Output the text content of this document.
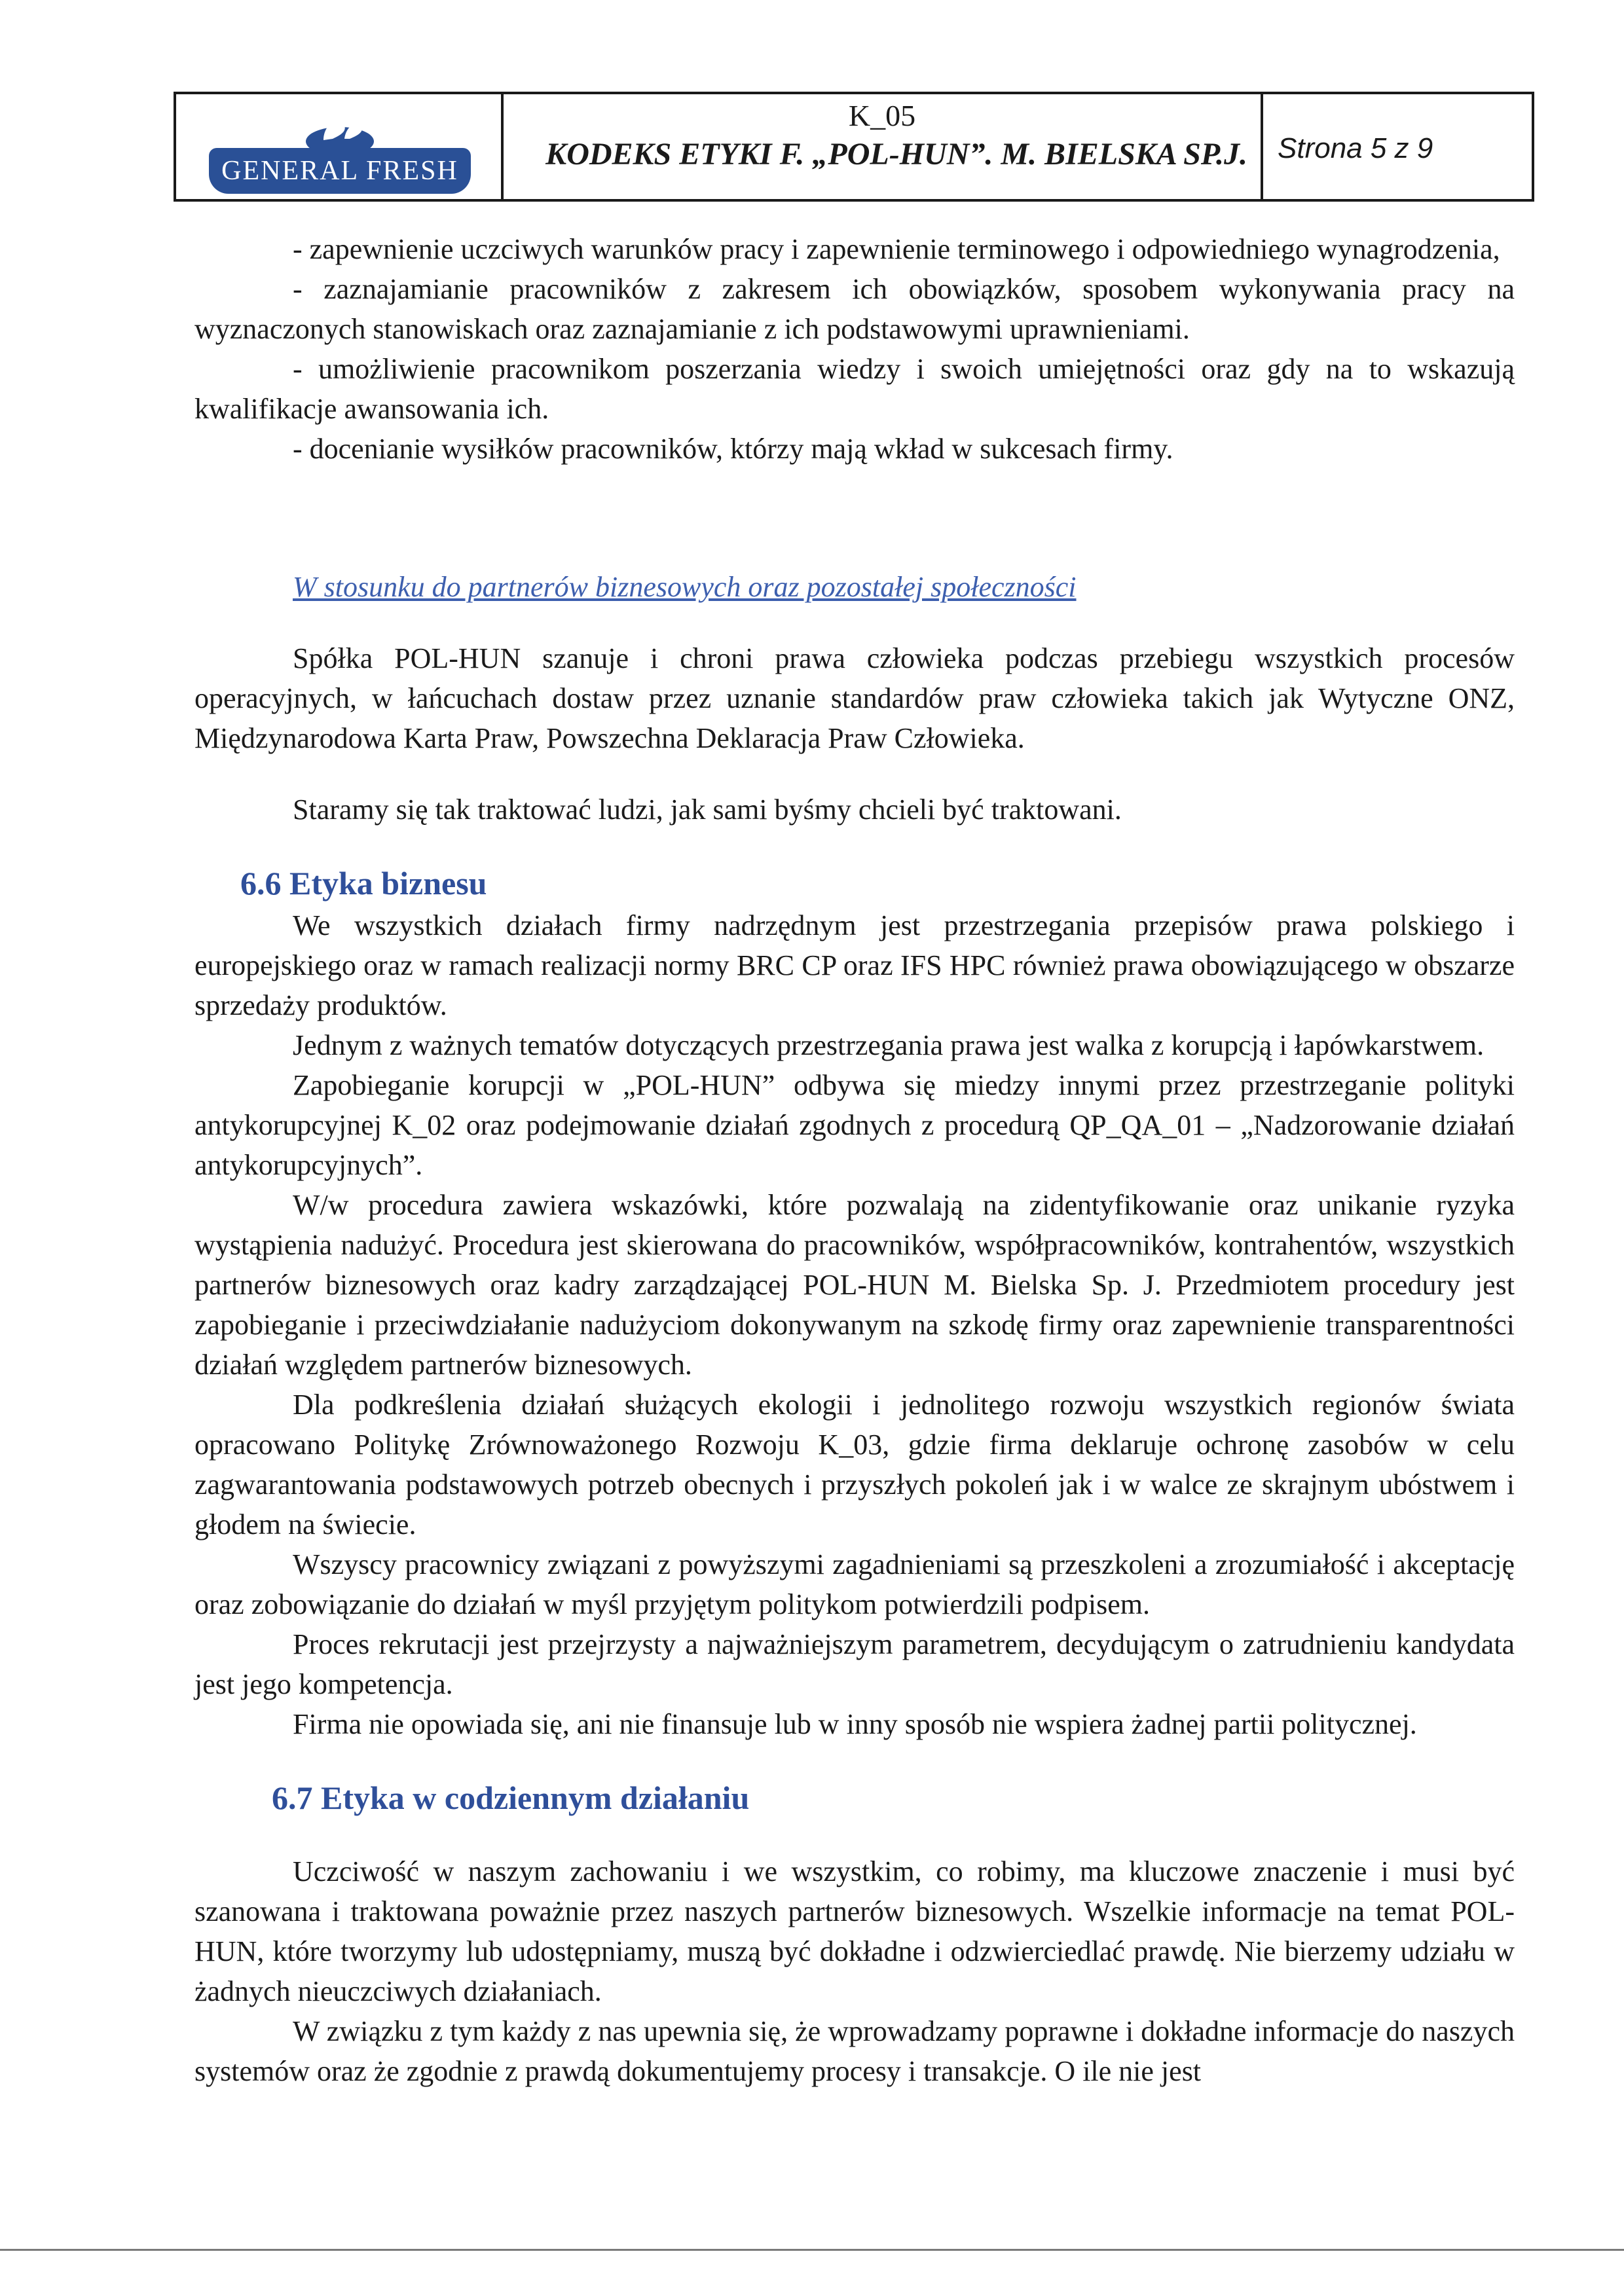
GENERAL FRESH
K_05
KODEKS ETYKI F. „POL-HUN”. M. BIELSKA SP.J. Strona 5 z 9

- zapewnienie uczciwych warunków pracy i zapewnienie terminowego i odpowiedniego wynagrodzenia,

- zaznajamianie pracowników z zakresem ich obowiązków, sposobem wykonywania pracy na wyznaczonych stanowiskach oraz zaznajamianie z ich podstawowymi uprawnieniami.

- umożliwienie pracownikom poszerzania wiedzy i swoich umiejętności oraz gdy na to wskazują kwalifikacje awansowania ich.

- docenianie wysiłków pracowników, którzy mają wkład w sukcesach firmy.

W stosunku do partnerów biznesowych oraz pozostałej społeczności

Spółka POL-HUN szanuje i chroni prawa człowieka podczas przebiegu wszystkich procesów operacyjnych, w łańcuchach dostaw przez uznanie standardów praw człowieka takich jak Wytyczne ONZ, Międzynarodowa Karta Praw, Powszechna Deklaracja Praw Człowieka.

Staramy się tak traktować ludzi, jak sami byśmy chcieli być traktowani.

6.6 Etyka biznesu

We wszystkich działach firmy nadrzędnym jest przestrzegania przepisów prawa polskiego i europejskiego oraz w ramach realizacji normy BRC CP oraz IFS HPC również prawa obowiązującego w obszarze sprzedaży produktów.

Jednym z ważnych tematów dotyczących przestrzegania prawa jest walka z korupcją i łapówkarstwem.

Zapobieganie korupcji w „POL-HUN” odbywa się miedzy innymi przez przestrzeganie polityki antykorupcyjnej K_02 oraz podejmowanie działań zgodnych z procedurą QP_QA_01 – „Nadzorowanie działań antykorupcyjnych”.

W/w procedura zawiera wskazówki, które pozwalają na zidentyfikowanie oraz unikanie ryzyka wystąpienia nadużyć. Procedura jest skierowana do pracowników, współpracowników, kontrahentów, wszystkich partnerów biznesowych oraz kadry zarządzającej POL-HUN M. Bielska Sp. J. Przedmiotem procedury jest zapobieganie i przeciwdziałanie nadużyciom dokonywanym na szkodę firmy oraz zapewnienie transparentności działań względem partnerów biznesowych.

Dla podkreślenia działań służących ekologii i jednolitego rozwoju wszystkich regionów świata opracowano Politykę Zrównoważonego Rozwoju K_03, gdzie firma deklaruje ochronę zasobów w celu zagwarantowania podstawowych potrzeb obecnych i przyszłych pokoleń jak i w walce ze skrajnym ubóstwem i głodem na świecie.

Wszyscy pracownicy związani z powyższymi zagadnieniami są przeszkoleni a zrozumiałość i akceptację oraz zobowiązanie do działań w myśl przyjętym politykom potwierdzili podpisem.

Proces rekrutacji jest przejrzysty a najważniejszym parametrem, decydującym o zatrudnieniu kandydata jest jego kompetencja.

Firma nie opowiada się, ani nie finansuje lub w inny sposób nie wspiera żadnej partii politycznej.

6.7 Etyka w codziennym działaniu

Uczciwość w naszym zachowaniu i we wszystkim, co robimy, ma kluczowe znaczenie i musi być szanowana i traktowana poważnie przez naszych partnerów biznesowych. Wszelkie informacje na temat POL-HUN, które tworzymy lub udostępniamy, muszą być dokładne i odzwierciedlać prawdę. Nie bierzemy udziału w żadnych nieuczciwych działaniach.

W związku z tym każdy z nas upewnia się, że wprowadzamy poprawne i dokładne informacje do naszych systemów oraz że zgodnie z prawdą dokumentujemy procesy i transakcje. O ile nie jest
